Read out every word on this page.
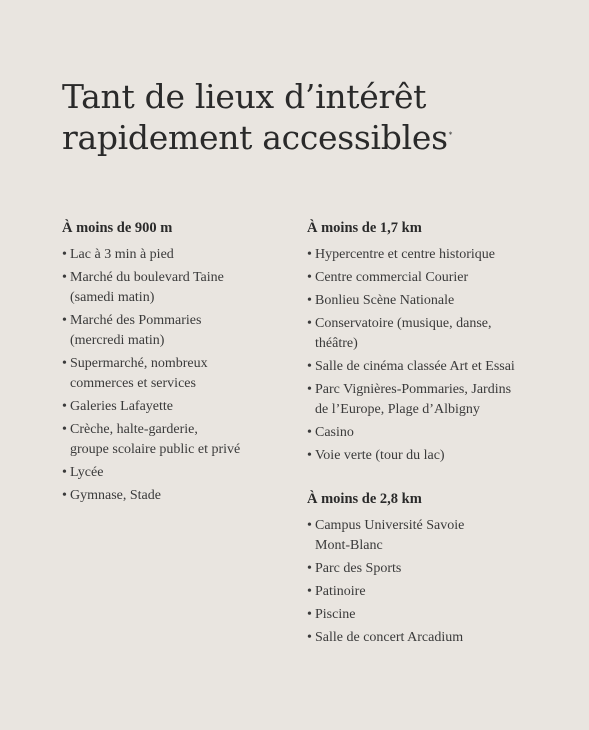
Tant de lieux d’intérêt
rapidement accessibles*
À moins de 900 m
• Lac à 3 min à pied
• Marché du boulevard Taine
(samedi matin)
• Marché des Pommaries
(mercredi matin)
• Supermarché, nombreux
commerces et services
• Galeries Lafayette
• Crèche, halte-garderie,
groupe scolaire public et privé
• Lycée
• Gymnase, Stade
À moins de 1,7 km
• Hypercentre et centre historique
• Centre commercial Courier
• Bonlieu Scène Nationale
• Conservatoire (musique, danse,
théâtre)
• Salle de cinéma classée Art et Essai
• Parc Vignières-Pommaries, Jardins
de l’Europe, Plage d’Albigny
• Casino
• Voie verte (tour du lac)
À moins de 2,8 km
• Campus Université Savoie
Mont-Blanc
• Parc des Sports
• Patinoire
• Piscine
• Salle de concert Arcadium
